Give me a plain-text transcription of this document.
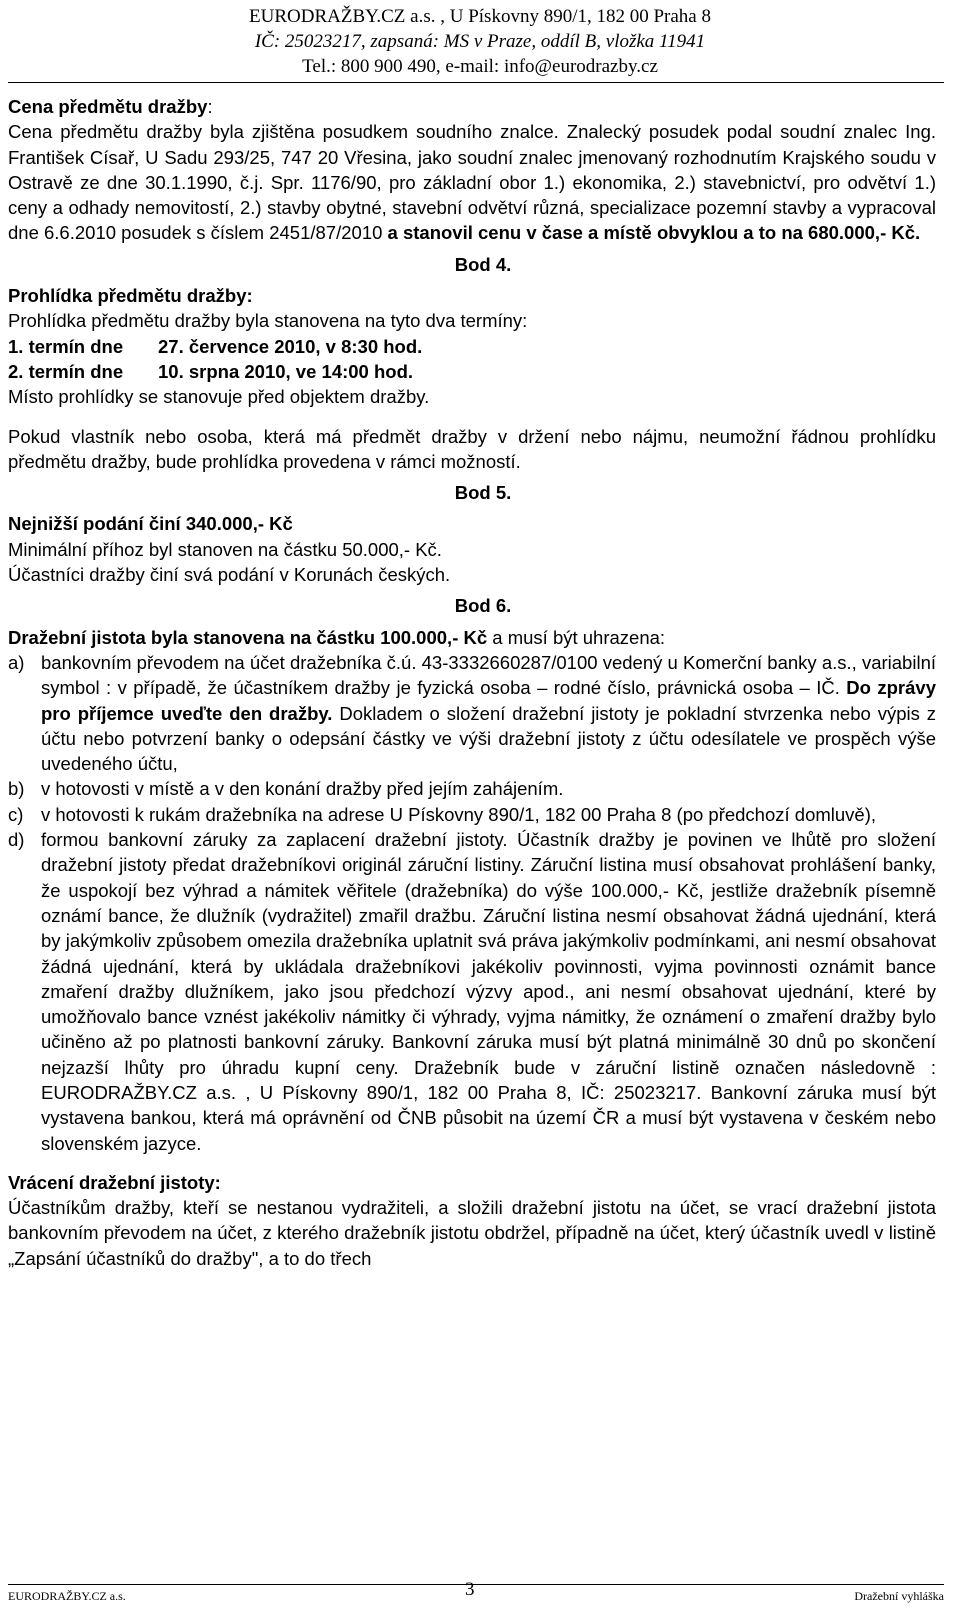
EURODRAŽBY.CZ a.s. , U Pískovny 890/1, 182 00 Praha 8
IČ: 25023217, zapsaná: MS v Praze, oddíl B, vložka 11941
Tel.: 800 900 490, e-mail: info@eurodrazby.cz

Cena předmětu dražby:

Cena předmětu dražby byla zjištěna posudkem soudního znalce. Znalecký posudek podal soudní znalec Ing. František Císař, U Sadu 293/25, 747 20 Vřesina, jako soudní znalec jmenovaný rozhodnutím Krajského soudu v Ostravě ze dne 30.1.1990, č.j. Spr. 1176/90, pro základní obor 1.) ekonomika, 2.) stavebnictví, pro odvětví 1.) ceny a odhady nemovitostí, 2.) stavby obytné, stavební odvětví různá, specializace pozemní stavby a vypracoval dne 6.6.2010 posudek s číslem 2451/87/2010 a stanovil cenu v čase a místě obvyklou a to na 680.000,- Kč.

Bod 4.

Prohlídka předmětu dražby:

Prohlídka předmětu dražby byla stanovena na tyto dva termíny:

1. termín dne	27. července 2010, v 8:30 hod.
2. termín dne	10. srpna 2010, ve 14:00 hod.

Místo prohlídky se stanovuje před objektem dražby.

Pokud vlastník nebo osoba, která má předmět dražby v držení nebo nájmu, neumožní řádnou prohlídku předmětu dražby, bude prohlídka provedena v rámci možností.

Bod 5.

Nejnižší podání činí 340.000,- Kč

Minimální příhoz byl stanoven na částku 50.000,- Kč.

Účastníci dražby činí svá podání v Korunách českých.

Bod 6.

Dražební jistota byla stanovena na částku 100.000,- Kč a musí být uhrazena:

a) bankovním převodem na účet dražebníka č.ú. 43-3332660287/0100 vedený u Komerční banky a.s., variabilní symbol : v případě, že účastníkem dražby je fyzická osoba – rodné číslo, právnická osoba – IČ. Do zprávy pro příjemce uveďte den dražby. Dokladem o složení dražební jistoty je pokladní stvrzenka nebo výpis z účtu nebo potvrzení banky o odepsání částky ve výši dražební jistoty z účtu odesílatele ve prospěch výše uvedeného účtu,
b) v hotovosti v místě a v den konání dražby před jejím zahájením.
c) v hotovosti k rukám dražebníka na adrese U Pískovny 890/1, 182 00 Praha 8 (po předchozí domluvě),
d) formou bankovní záruky za zaplacení dražební jistoty. Účastník dražby je povinen ve lhůtě pro složení dražební jistoty předat dražebníkovi originál záruční listiny. Záruční listina musí obsahovat prohlášení banky, že uspokojí bez výhrad a námitek věřitele (dražebníka) do výše 100.000,- Kč, jestliže dražebník písemně oznámí bance, že dlužník (vydražitel) zmařil dražbu. Záruční listina nesmí obsahovat žádná ujednání, která by jakýmkoliv způsobem omezila dražebníka uplatnit svá práva jakýmkoliv podmínkami, ani nesmí obsahovat žádná ujednání, která by ukládala dražebníkovi jakékoliv povinnosti, vyjma povinnosti oznámit bance zmaření dražby dlužníkem, jako jsou předchozí výzvy apod., ani nesmí obsahovat ujednání, které by umožňovalo bance vznést jakékoliv námitky či výhrady, vyjma námitky, že oznámení o zmaření dražby bylo učiněno až po platnosti bankovní záruky. Bankovní záruka musí být platná minimálně 30 dnů po skončení nejzazší lhůty pro úhradu kupní ceny. Dražebník bude v záruční listině označen následovně : EURODRAŽBY.CZ a.s. , U Pískovny 890/1, 182 00 Praha 8, IČ: 25023217. Bankovní záruka musí být vystavena bankou, která má oprávnění od ČNB působit na území ČR a musí být vystavena v českém nebo slovenském jazyce.

Vrácení dražební jistoty:

Účastníkům dražby, kteří se nestanou vydražiteli, a složili dražební jistotu na účet, se vrací dražební jistota bankovním převodem na účet, z kterého dražebník jistotu obdržel, případně na účet, který účastník uvedl v listině „Zapsání účastníků do dražby", a to do třech

EURODRAŽBY.CZ a.s.	3	Dražební vyhláška
